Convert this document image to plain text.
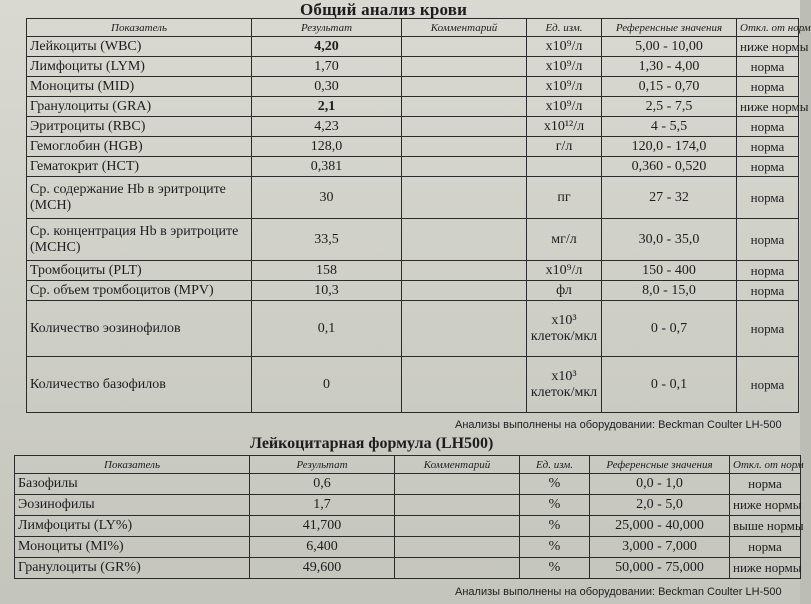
Общий анализ крови
Показатель	Результат	Комментарий	Ед. изм.	Референсные значения	Откл. от норм
Лейкоциты (WBC)	4,20		х10⁹/л	5,00 - 10,00	ниже нормы
Лимфоциты (LYM)	1,70		х10⁹/л	1,30 - 4,00	норма
Моноциты (MID)	0,30		х10⁹/л	0,15 - 0,70	норма
Гранулоциты (GRA)	2,1		х10⁹/л	2,5 - 7,5	ниже нормы
Эритроциты (RBC)	4,23		х10¹²/л	4 - 5,5	норма
Гемоглобин (HGB)	128,0		г/л	120,0 - 174,0	норма
Гематокрит (HCT)	0,381			0,360 - 0,520	норма
Ср. содержание Hb в эритроците (MCH)	30		пг	27 - 32	норма
Ср. концентрация Hb в эритроците (MCHC)	33,5		мг/л	30,0 - 35,0	норма
Тромбоциты (PLT)	158		х10⁹/л	150 - 400	норма
Ср. объем тромбоцитов (MPV)	10,3		фл	8,0 - 15,0	норма
Количество эозинофилов	0,1		х10³ клеток/мкл	0 - 0,7	норма
Количество базофилов	0		х10³ клеток/мкл	0 - 0,1	норма
Анализы выполнены на оборудовании: Beckman Coulter LH-500
Лейкоцитарная формула (LH500)
Показатель	Результат	Комментарий	Ед. изм.	Референсные значения	Откл. от норм
Базофилы	0,6		%	0,0 - 1,0	норма
Эозинофилы	1,7		%	2,0 - 5,0	ниже нормы
Лимфоциты (LY%)	41,700		%	25,000 - 40,000	выше нормы
Моноциты (MI%)	6,400		%	3,000 - 7,000	норма
Гранулоциты (GR%)	49,600		%	50,000 - 75,000	ниже нормы
Анализы выполнены на оборудовании: Beckman Coulter LH-500
